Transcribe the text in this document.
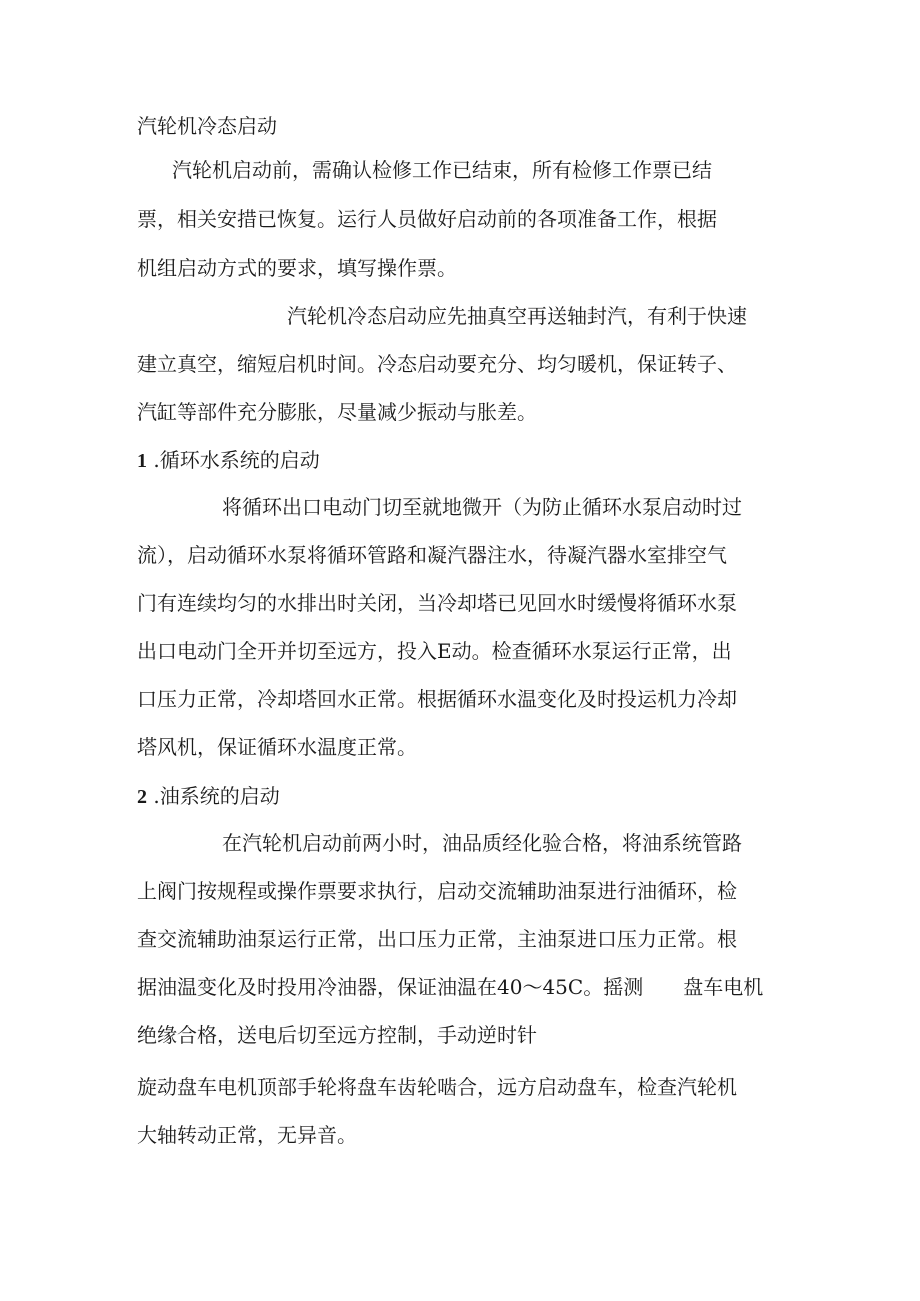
汽轮机冷态启动

汽轮机启动前，需确认检修工作已结束，所有检修工作票已结

票，相关安措已恢复。运行人员做好启动前的各项准备工作，根据

机组启动方式的要求，填写操作票。

汽轮机冷态启动应先抽真空再送轴封汽，有利于快速

建立真空，缩短启机时间。冷态启动要充分、均匀暖机，保证转子、

汽缸等部件充分膨胀，尽量减少振动与胀差。

1 .循环水系统的启动

将循环出口电动门切至就地微开（为防止循环水泵启动时过

流），启动循环水泵将循环管路和凝汽器注水，待凝汽器水室排空气

门有连续均匀的水排出时关闭，当冷却塔已见回水时缓慢将循环水泵

出口电动门全开并切至远方，投入E动。检查循环水泵运行正常，出

口压力正常，冷却塔回水正常。根据循环水温变化及时投运机力冷却

塔风机，保证循环水温度正常。

2 .油系统的启动

在汽轮机启动前两小时，油品质经化验合格，将油系统管路

上阀门按规程或操作票要求执行，启动交流辅助油泵进行油循环，检

查交流辅助油泵运行正常，出口压力正常，主油泵进口压力正常。根

据油温变化及时投用冷油器，保证油温在40〜45C。摇测　　盘车电机

绝缘合格，送电后切至远方控制，手动逆时针

旋动盘车电机顶部手轮将盘车齿轮啮合，远方启动盘车，检查汽轮机

大轴转动正常，无异音。
